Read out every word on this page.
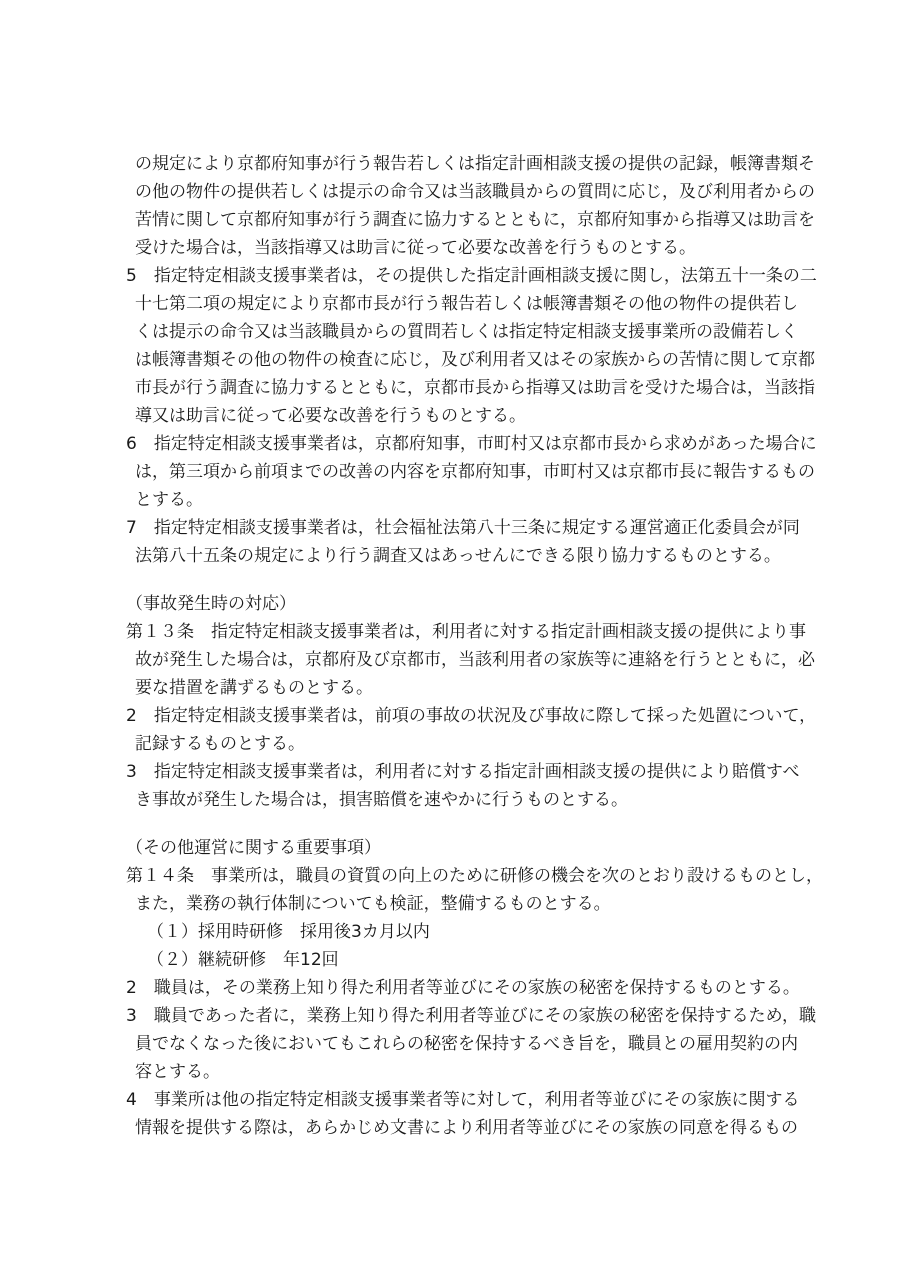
の規定により京都府知事が行う報告若しくは指定計画相談支援の提供の記録，帳簿書類そ
の他の物件の提供若しくは提示の命令又は当該職員からの質問に応じ，及び利用者からの
苦情に関して京都府知事が行う調査に協力するとともに，京都府知事から指導又は助言を
受けた場合は，当該指導又は助言に従って必要な改善を行うものとする。
5　指定特定相談支援事業者は，その提供した指定計画相談支援に関し，法第五十一条の二
十七第二項の規定により京都市長が行う報告若しくは帳簿書類その他の物件の提供若し
くは提示の命令又は当該職員からの質問若しくは指定特定相談支援事業所の設備若しく
は帳簿書類その他の物件の検査に応じ，及び利用者又はその家族からの苦情に関して京都
市長が行う調査に協力するとともに，京都市長から指導又は助言を受けた場合は，当該指
導又は助言に従って必要な改善を行うものとする。
6　指定特定相談支援事業者は，京都府知事，市町村又は京都市長から求めがあった場合に
は，第三項から前項までの改善の内容を京都府知事，市町村又は京都市長に報告するもの
とする。
7　指定特定相談支援事業者は，社会福祉法第八十三条に規定する運営適正化委員会が同
法第八十五条の規定により行う調査又はあっせんにできる限り協力するものとする。
（事故発生時の対応）
第１３条　指定特定相談支援事業者は，利用者に対する指定計画相談支援の提供により事
故が発生した場合は，京都府及び京都市，当該利用者の家族等に連絡を行うとともに，必
要な措置を講ずるものとする。
2　指定特定相談支援事業者は，前項の事故の状況及び事故に際して採った処置について，
記録するものとする。
3　指定特定相談支援事業者は，利用者に対する指定計画相談支援の提供により賠償すべ
き事故が発生した場合は，損害賠償を速やかに行うものとする。
（その他運営に関する重要事項）
第１４条　事業所は，職員の資質の向上のために研修の機会を次のとおり設けるものとし，
また，業務の執行体制についても検証，整備するものとする。
（１）採用時研修　採用後3カ月以内
（２）継続研修　年12回
2　職員は，その業務上知り得た利用者等並びにその家族の秘密を保持するものとする。
3　職員であった者に，業務上知り得た利用者等並びにその家族の秘密を保持するため，職
員でなくなった後においてもこれらの秘密を保持するべき旨を，職員との雇用契約の内
容とする。
4　事業所は他の指定特定相談支援事業者等に対して，利用者等並びにその家族に関する
情報を提供する際は，あらかじめ文書により利用者等並びにその家族の同意を得るもの
